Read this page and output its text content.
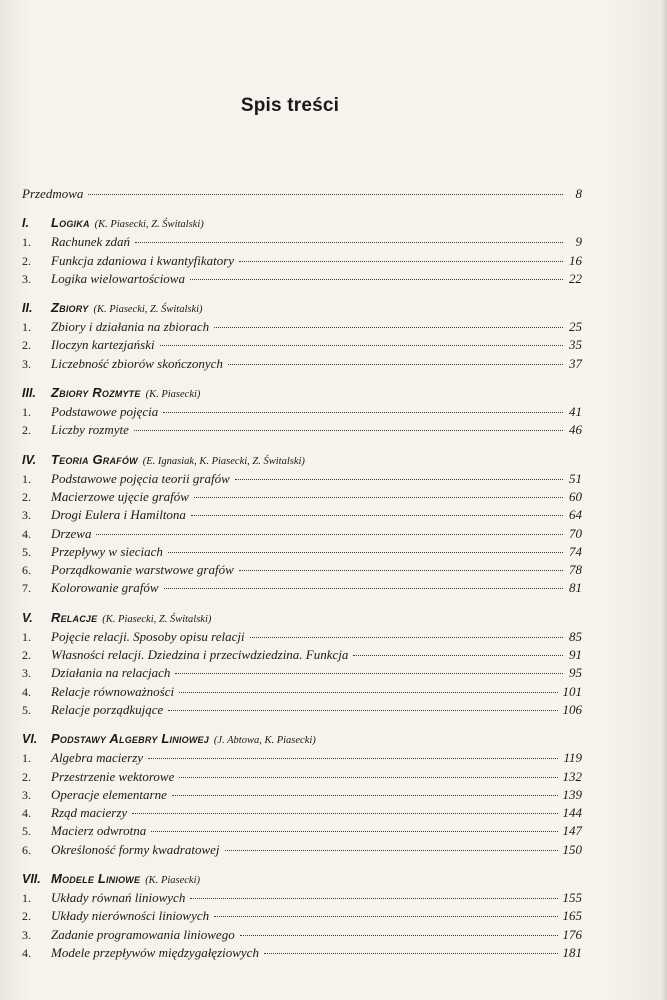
Spis treści
Przedmowa	8
I.	Logika (K. Piasecki, Z. Świtalski)
1.	Rachunek zdań	9
2.	Funkcja zdaniowa i kwantyfikatory	16
3.	Logika wielowartościowa	22
II.	Zbiory (K. Piasecki, Z. Świtalski)
1.	Zbiory i działania na zbiorach	25
2.	Iloczyn kartezjański	35
3.	Liczebność zbiorów skończonych	37
III.	Zbiory Rozmyte (K. Piasecki)
1.	Podstawowe pojęcia	41
2.	Liczby rozmyte	46
IV.	Teoria Grafów (E. Ignasiak, K. Piasecki, Z. Świtalski)
1.	Podstawowe pojęcia teorii grafów	51
2.	Macierzowe ujęcie grafów	60
3.	Drogi Eulera i Hamiltona	64
4.	Drzewa	70
5.	Przepływy w sieciach	74
6.	Porządkowanie warstwowe grafów	78
7.	Kolorowanie grafów	81
V.	Relacje (K. Piasecki, Z. Świtalski)
1.	Pojęcie relacji. Sposoby opisu relacji	85
2.	Własności relacji. Dziedzina i przeciwdziedzina. Funkcja	91
3.	Działania na relacjach	95
4.	Relacje równoważności	101
5.	Relacje porządkujące	106
VI.	Podstawy Algebry Liniowej (J. Abtowa, K. Piasecki)
1.	Algebra macierzy	119
2.	Przestrzenie wektorowe	132
3.	Operacje elementarne	139
4.	Rząd macierzy	144
5.	Macierz odwrotna	147
6.	Określoność formy kwadratowej	150
VII. Modele Liniowe (K. Piasecki)
1.	Układy równań liniowych	155
2.	Układy nierówności liniowych	165
3.	Zadanie programowania liniowego	176
4.	Modele przepływów międzygałęziowych	181
